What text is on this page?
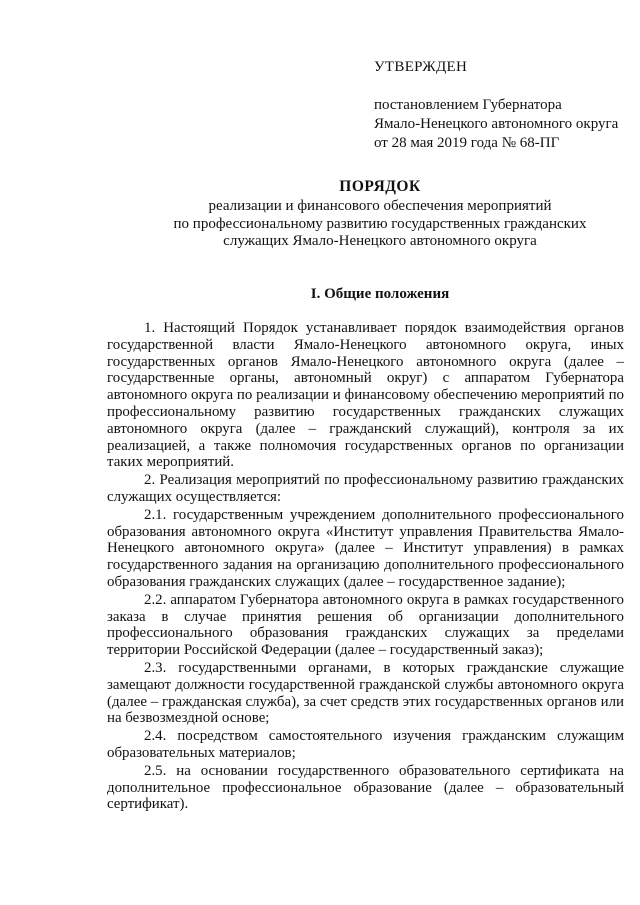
УТВЕРЖДЕН
постановлением Губернатора
Ямало-Ненецкого автономного округа
от 28 мая 2019 года № 68-ПГ
ПОРЯДОК
реализации и финансового обеспечения мероприятий
по профессиональному развитию государственных гражданских
служащих Ямало-Ненецкого автономного округа
I. Общие положения

1. Настоящий Порядок устанавливает порядок взаимодействия органов государственной власти Ямало-Ненецкого автономного округа, иных государственных органов Ямало-Ненецкого автономного округа (далее – государственные органы, автономный округ) с аппаратом Губернатора автономного округа по реализации и финансовому обеспечению мероприятий по профессиональному развитию государственных гражданских служащих автономного округа (далее – гражданский служащий), контроля за их реализацией, а также полномочия государственных органов по организации таких мероприятий.

2. Реализация мероприятий по профессиональному развитию гражданских служащих осуществляется:

2.1. государственным учреждением дополнительного профессионального образования автономного округа «Институт управления Правительства Ямало-Ненецкого автономного округа» (далее – Институт управления) в рамках государственного задания на организацию дополнительного профессионального образования гражданских служащих (далее – государственное задание);

2.2. аппаратом Губернатора автономного округа в рамках государственного заказа в случае принятия решения об организации дополнительного профессионального образования гражданских служащих за пределами территории Российской Федерации (далее – государственный заказ);

2.3. государственными органами, в которых гражданские служащие замещают должности государственной гражданской службы автономного округа (далее – гражданская служба), за счет средств этих государственных органов или на безвозмездной основе;

2.4. посредством самостоятельного изучения гражданским служащим образовательных материалов;

2.5. на основании государственного образовательного сертификата на дополнительное профессиональное образование (далее – образовательный сертификат).
